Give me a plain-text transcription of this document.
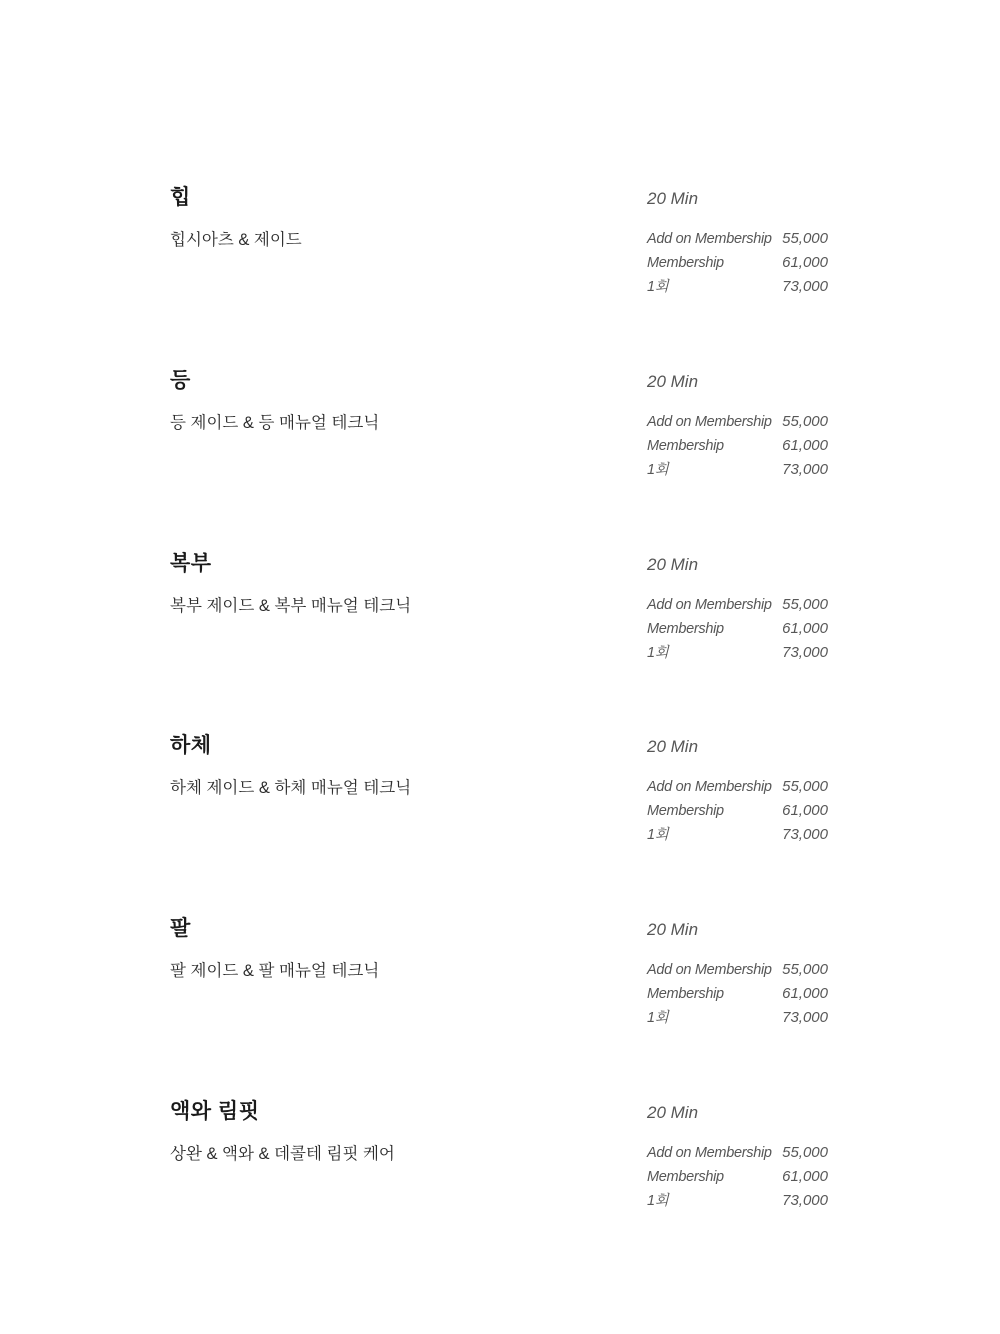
힙	20 Min
힙시아츠 & 제이드	Add on Membership 55,000
Membership	61,000
1회	73,000
등	20 Min
등 제이드 & 등 매뉴얼 테크닉	Add on Membership 55,000
Membership	61,000
1회	73,000
복부	20 Min
복부 제이드 & 복부 매뉴얼 테크닉	Add on Membership 55,000
Membership	61,000
1회	73,000
하체	20 Min
하체 제이드 & 하체 매뉴얼 테크닉	Add on Membership 55,000
Membership	61,000
1회	73,000
팔	20 Min
팔 제이드 & 팔 매뉴얼 테크닉	Add on Membership 55,000
Membership	61,000
1회	73,000
액와 림핏	20 Min
상완 & 액와 & 데콜테 림핏 케어	Add on Membership 55,000
Membership	61,000
1회	73,000
